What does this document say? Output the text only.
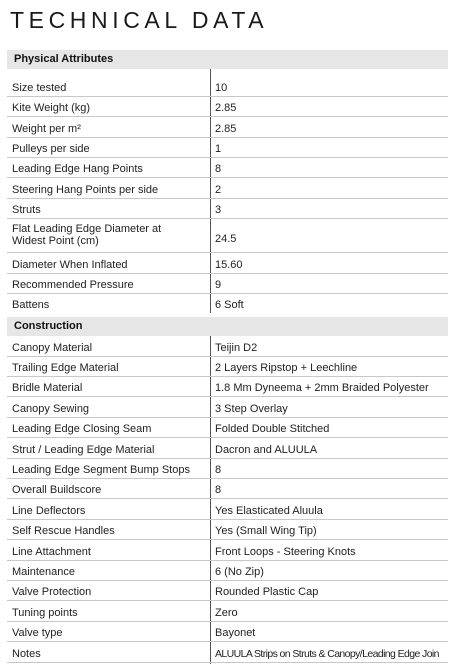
TECHNICAL DATA
Physical Attributes
Size tested	10
Kite Weight (kg)	2.85
Weight per m²	2.85
Pulleys per side	1
Leading Edge Hang Points	8
Steering Hang Points per side	2
Struts	3
Flat Leading Edge Diameter at Widest Point (cm)	24.5
Diameter When Inflated	15.60
Recommended Pressure	9
Battens	6 Soft
Construction
Canopy Material	Teijin D2
Trailing Edge Material	2 Layers Ripstop + Leechline
Bridle Material	1.8 Mm Dyneema + 2mm Braided Polyester
Canopy Sewing	3 Step Overlay
Leading Edge Closing Seam	Folded Double Stitched
Strut / Leading Edge Material	Dacron and ALUULA
Leading Edge Segment Bump Stops	8
Overall Buildscore	8
Line Deflectors	Yes Elasticated Aluula
Self Rescue Handles	Yes (Small Wing Tip)
Line Attachment	Front Loops - Steering Knots
Maintenance	6 (No Zip)
Valve Protection	Rounded Plastic Cap
Tuning points	Zero
Valve type	Bayonet
Notes	ALUULA Strips on Struts & Canopy/Leading Edge Join
